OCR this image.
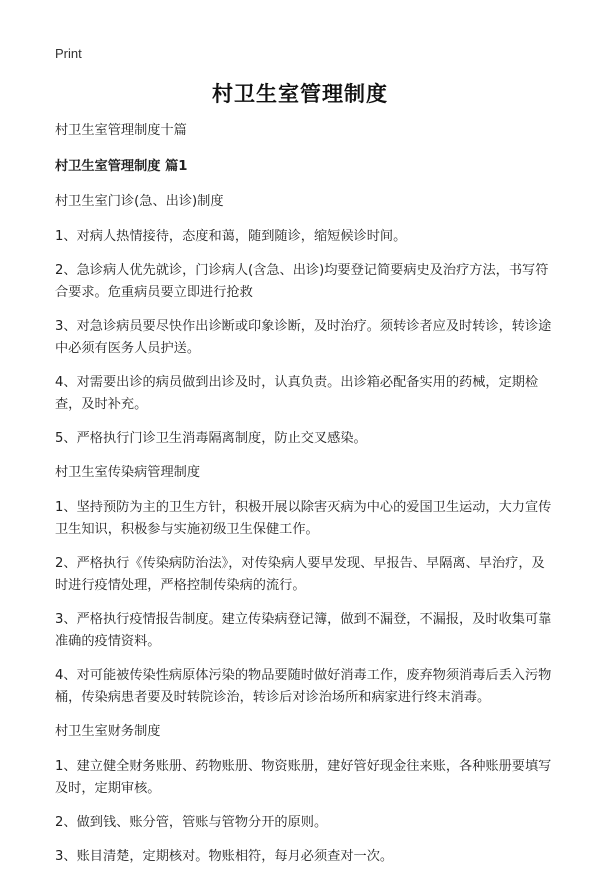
Print
村卫生室管理制度

村卫生室管理制度十篇

村卫生室管理制度 篇1

村卫生室门诊(急、出诊)制度

1、对病人热情接待，态度和蔼，随到随诊，缩短候诊时间。

2、急诊病人优先就诊，门诊病人(含急、出诊)均要登记简要病史及治疗方法，书写符合要求。危重病员要立即进行抢救

3、对急诊病员要尽快作出诊断或印象诊断，及时治疗。须转诊者应及时转诊，转诊途中必须有医务人员护送。

4、对需要出诊的病员做到出诊及时，认真负责。出诊箱必配备实用的药械，定期检查，及时补充。

5、严格执行门诊卫生消毒隔离制度，防止交叉感染。

村卫生室传染病管理制度

1、坚持预防为主的卫生方针，积极开展以除害灭病为中心的爱国卫生运动，大力宣传卫生知识，积极参与实施初级卫生保健工作。

2、严格执行《传染病防治法》，对传染病人要早发现、早报告、早隔离、早治疗，及时进行疫情处理，严格控制传染病的流行。

3、严格执行疫情报告制度。建立传染病登记簿，做到不漏登，不漏报，及时收集可靠准确的疫情资料。

4、对可能被传染性病原体污染的物品要随时做好消毒工作，废弃物须消毒后丢入污物桶，传染病患者要及时转院诊治，转诊后对诊治场所和病家进行终末消毒。

村卫生室财务制度

1、建立健全财务账册、药物账册、物资账册，建好管好现金往来账，各种账册要填写及时，定期审核。

2、做到钱、账分管，管账与管物分开的原则。

3、账目清楚，定期核对。物账相符，每月必须查对一次。
